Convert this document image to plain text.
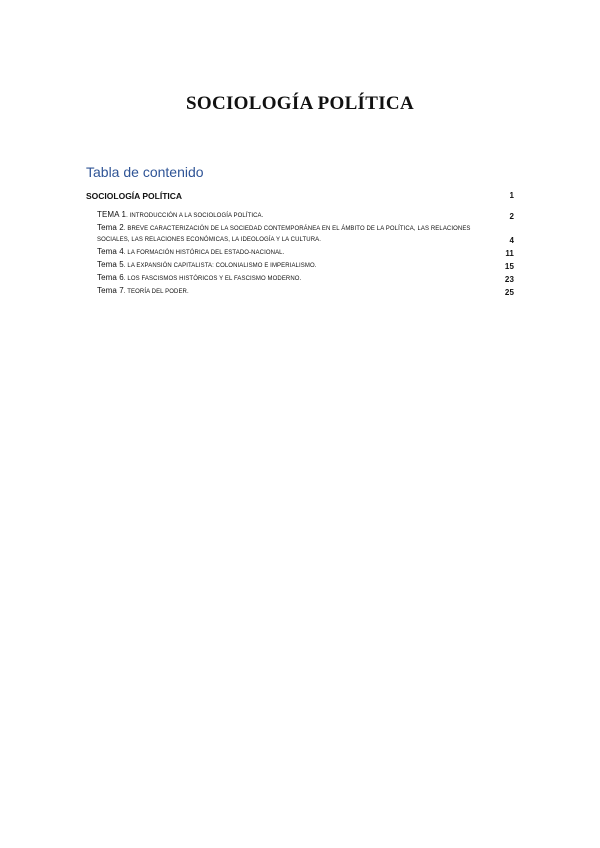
SOCIOLOGÍA POLÍTICA
Tabla de contenido
SOCIOLOGÍA POLÍTICA	1
TEMA 1. INTRODUCCIÓN A LA SOCIOLOGÍA POLÍTICA.	2
Tema 2. BREVE CARACTERIZACIÓN DE LA SOCIEDAD CONTEMPORÁNEA EN EL ÁMBITO DE LA POLÍTICA, LAS RELACIONES SOCIALES, LAS RELACIONES ECONÓMICAS, LA IDEOLOGÍA Y LA CULTURA.	4
Tema 4. LA FORMACIÓN HISTÓRICA DEL ESTADO-NACIONAL.	11
Tema 5. LA EXPANSIÓN CAPITALISTA: COLONIALISMO E IMPERIALISMO.	15
Tema 6. LOS FASCISMOS HISTÓRICOS Y EL FASCISMO MODERNO.	23
Tema 7. TEORÍA DEL PODER.	25
